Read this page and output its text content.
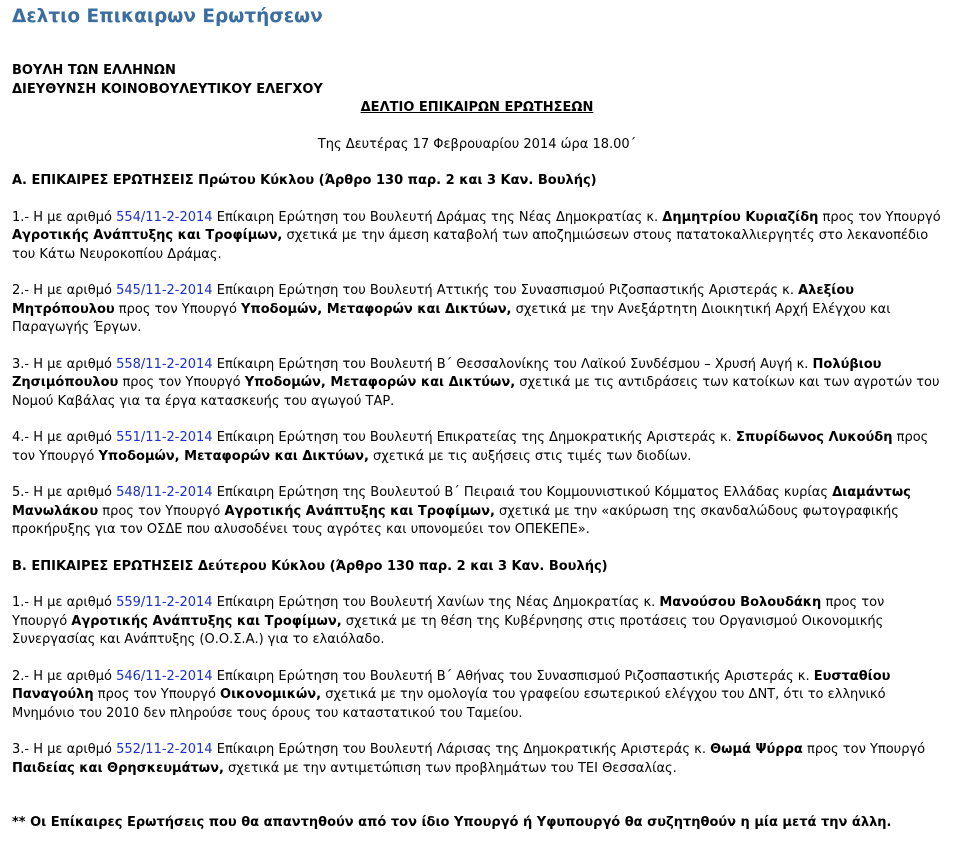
Δελτιο Επικαιρων Ερωτήσεων

ΒΟΥΛΗ ΤΩΝ ΕΛΛΗΝΩΝ

ΔΙΕΥΘΥΝΣΗ ΚΟΙΝΟΒΟΥΛΕΥΤΙΚΟΥ ΕΛΕΓΧΟΥ

ΔΕΛΤΙΟ ΕΠΙΚΑΙΡΩΝ ΕΡΩΤΗΣΕΩΝ

Της Δευτέρας 17 Φεβρουαρίου 2014 ώρα 18.00΄

Α. ΕΠΙΚΑΙΡΕΣ ΕΡΩΤΗΣΕΙΣ Πρώτου Κύκλου (Άρθρο 130 παρ. 2 και 3 Καν. Βουλής)

1.- Η με αριθμό 554/11-2-2014 Επίκαιρη Ερώτηση του Βουλευτή Δράμας της Νέας Δημοκρατίας κ. Δημητρίου Κυριαζίδη προς τον Υπουργό Αγροτικής Ανάπτυξης και Τροφίμων, σχετικά με την άμεση καταβολή των αποζημιώσεων στους πατατοκαλλιεργητές στο λεκανοπέδιο του Κάτω Νευροκοπίου Δράμας.

2.- Η με αριθμό 545/11-2-2014 Επίκαιρη Ερώτηση του Βουλευτή Αττικής του Συνασπισμού Ριζοσπαστικής Αριστεράς κ. Αλεξίου Μητρόπουλου προς τον Υπουργό Υποδομών, Μεταφορών και Δικτύων, σχετικά με την Ανεξάρτητη Διοικητική Αρχή Ελέγχου και Παραγωγής Έργων.

3.- Η με αριθμό 558/11-2-2014 Επίκαιρη Ερώτηση του Βουλευτή Β΄ Θεσσαλονίκης του Λαϊκού Συνδέσμου – Χρυσή Αυγή κ. Πολύβιου Ζησιμόπουλου προς τον Υπουργό Υποδομών, Μεταφορών και Δικτύων, σχετικά με τις αντιδράσεις των κατοίκων και των αγροτών του Νομού Καβάλας για τα έργα κατασκευής του αγωγού ΤΑΡ.

4.- Η με αριθμό 551/11-2-2014 Επίκαιρη Ερώτηση του Βουλευτή Επικρατείας της Δημοκρατικής Αριστεράς κ. Σπυρίδωνος Λυκούδη προς τον Υπουργό Υποδομών, Μεταφορών και Δικτύων, σχετικά με τις αυξήσεις στις τιμές των διοδίων.

5.- Η με αριθμό 548/11-2-2014 Επίκαιρη Ερώτηση της Βουλευτού Β΄ Πειραιά του Κομμουνιστικού Κόμματος Ελλάδας κυρίας Διαμάντως Μανωλάκου προς τον Υπουργό Αγροτικής Ανάπτυξης και Τροφίμων, σχετικά με την «ακύρωση της σκανδαλώδους φωτογραφικής προκήρυξης για τον ΟΣΔΕ που αλυσοδένει τους αγρότες και υπονομεύει τον ΟΠΕΚΕΠΕ».

Β. ΕΠΙΚΑΙΡΕΣ ΕΡΩΤΗΣΕΙΣ Δεύτερου Κύκλου (Άρθρο 130 παρ. 2 και 3 Καν. Βουλής)

1.- Η με αριθμό 559/11-2-2014 Επίκαιρη Ερώτηση του Βουλευτή Χανίων της Νέας Δημοκρατίας κ. Μανούσου Βολουδάκη προς τον Υπουργό Αγροτικής Ανάπτυξης και Τροφίμων, σχετικά με τη θέση της Κυβέρνησης στις προτάσεις του Οργανισμού Οικονομικής Συνεργασίας και Ανάπτυξης (Ο.Ο.Σ.Α.) για το ελαιόλαδο.

2.- Η με αριθμό 546/11-2-2014 Επίκαιρη Ερώτηση του Βουλευτή Β΄ Αθήνας του Συνασπισμού Ριζοσπαστικής Αριστεράς κ. Ευσταθίου Παναγούλη προς τον Υπουργό Οικονομικών, σχετικά με την ομολογία του γραφείου εσωτερικού ελέγχου του ΔΝΤ, ότι το ελληνικό Μνημόνιο του 2010 δεν πληρούσε τους όρους του καταστατικού του Ταμείου.

3.- Η με αριθμό 552/11-2-2014 Επίκαιρη Ερώτηση του Βουλευτή Λάρισας της Δημοκρατικής Αριστεράς κ. Θωμά Ψύρρα προς τον Υπουργό Παιδείας και Θρησκευμάτων, σχετικά με την αντιμετώπιση των προβλημάτων του ΤΕΙ Θεσσαλίας.

** Οι Επίκαιρες Ερωτήσεις που θα απαντηθούν από τον ίδιο Υπουργό ή Υφυπουργό θα συζητηθούν η μία μετά την άλλη.
